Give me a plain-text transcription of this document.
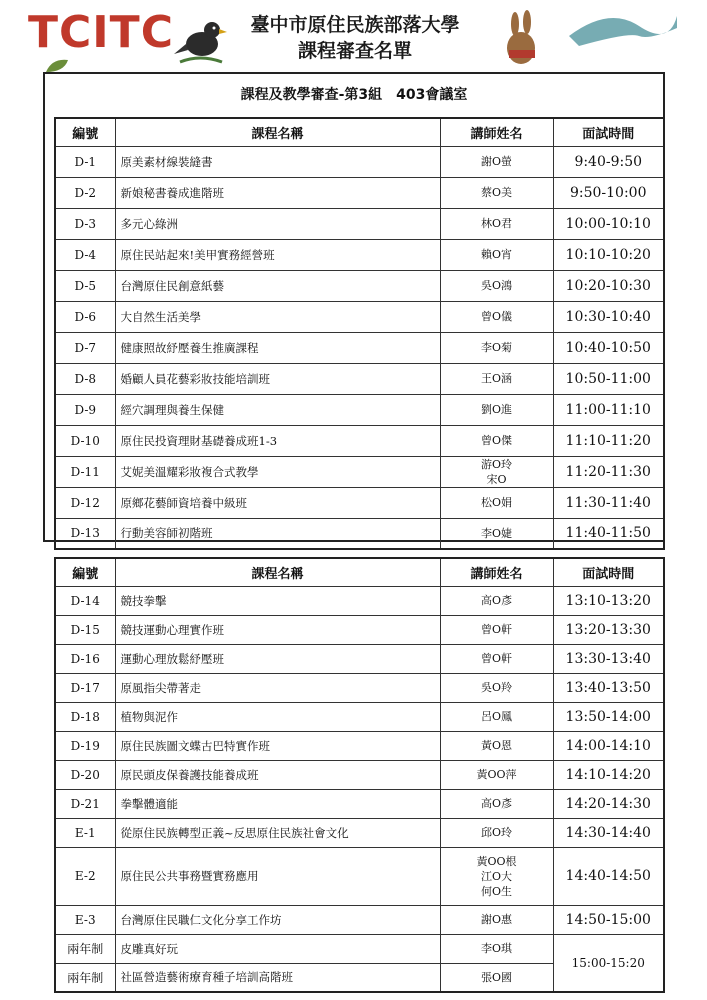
TCITC	臺中市原住民族部落大學
課程審查名單
課程及教學審查-第3組　403會議室
編號	課程名稱	講師姓名	面試時間
D-1	原美素材線裝縫書	謝O螢	9:40-9:50
D-2	新娘秘書養成進階班	蔡O美	9:50-10:00
D-3	多元心綠洲	林O君	10:00-10:10
D-4	原住民站起來!美甲實務經營班	賴O宵	10:10-10:20
D-5	台灣原住民創意紙藝	吳O鴻	10:20-10:30
D-6	大自然生活美學	曾O儀	10:30-10:40
D-7	健康照故紓壓養生推廣課程	李O菊	10:40-10:50
D-8	婚顧人員花藝彩妝技能培訓班	王O涵	10:50-11:00
D-9	經穴調理與養生保健	劉O進	11:00-11:10
D-10	原住民投資理財基礎養成班1-3	曾O傑	11:10-11:20
D-11	艾妮美溫耀彩妝複合式教學	游O玲
宋O	11:20-11:30
D-12	原鄉花藝師資培養中級班	松O娟	11:30-11:40
D-13	行動美容師初階班	李O婕	11:40-11:50
編號	課程名稱	講師姓名	面試時間
D-14	競技拳擊	高O彥	13:10-13:20
D-15	競技運動心理實作班	曾O軒	13:20-13:30
D-16	運動心理放鬆紓壓班	曾O軒	13:30-13:40
D-17	原風指尖帶著走	吳O羚	13:40-13:50
D-18	植物與泥作	呂O鳳	13:50-14:00
D-19	原住民族圖文蝶古巴特實作班	黃O恩	14:00-14:10
D-20	原民頭皮保養護技能養成班	黃OO萍	14:10-14:20
D-21	拳擊體適能	高O彥	14:20-14:30
E-1	從原住民族轉型正義~反思原住民族社會文化	邱O玲	14:30-14:40
E-2	原住民公共事務暨實務應用	黃OO根
江O大
何O生	14:40-14:50
E-3	台灣原住民職仁文化分享工作坊	謝O惠	14:50-15:00
兩年制	皮雕真好玩	李O琪	15:00-15:20
兩年制	社區營造藝術療育種子培訓高階班	張O國	
